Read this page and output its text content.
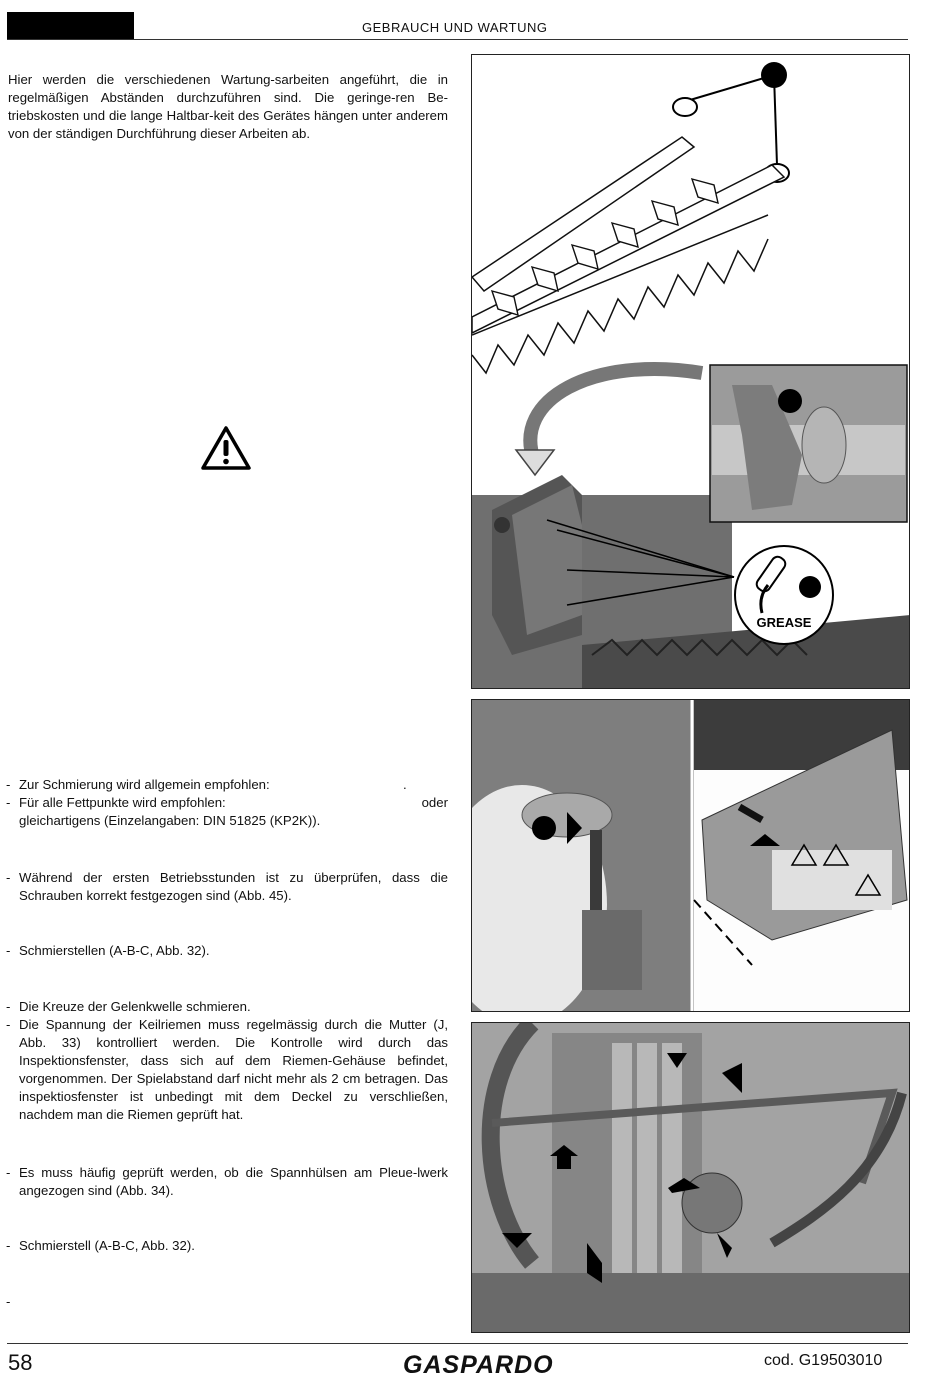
GEBRAUCH UND WARTUNG
Hier werden die verschiedenen Wartung-sarbeiten angeführt, die in regelmäßigen Abständen durchzuführen sind. Die geringe-ren Be-triebskosten und die lange Haltbar-keit des Gerätes hängen unter anderem von der ständigen Durchführung dieser Arbeiten ab.
- Zur Schmierung wird allgemein empfohlen:	.
- Für alle Fettpunkte wird empfohlen:	oder
gleichartigens (Einzelangaben: DIN 51825 (KP2K)).
- Während der ersten Betriebsstunden ist zu überprüfen, dass die Schrauben korrekt festgezogen sind (Abb. 45).
- Schmierstellen (A-B-C, Abb. 32).
- Die Kreuze der Gelenkwelle schmieren.
- Die Spannung der Keilriemen muss regelmässig durch die Mutter (J, Abb. 33) kontrolliert werden. Die Kontrolle wird durch das Inspektionsfenster, dass sich auf dem Riemen-Gehäuse befindet, vorgenommen. Der Spielabstand darf nicht mehr als 2 cm betragen. Das inspektiosfenster ist unbedingt mit dem Deckel zu verschließen, nachdem man die Riemen geprüft hat.
- Es muss häufig geprüft werden, ob die Spannhülsen am Pleue-lwerk angezogen sind (Abb. 34).
- Schmierstell (A-B-C, Abb. 32).
-
GREASE
58	GASPARDO	cod. G19503010
